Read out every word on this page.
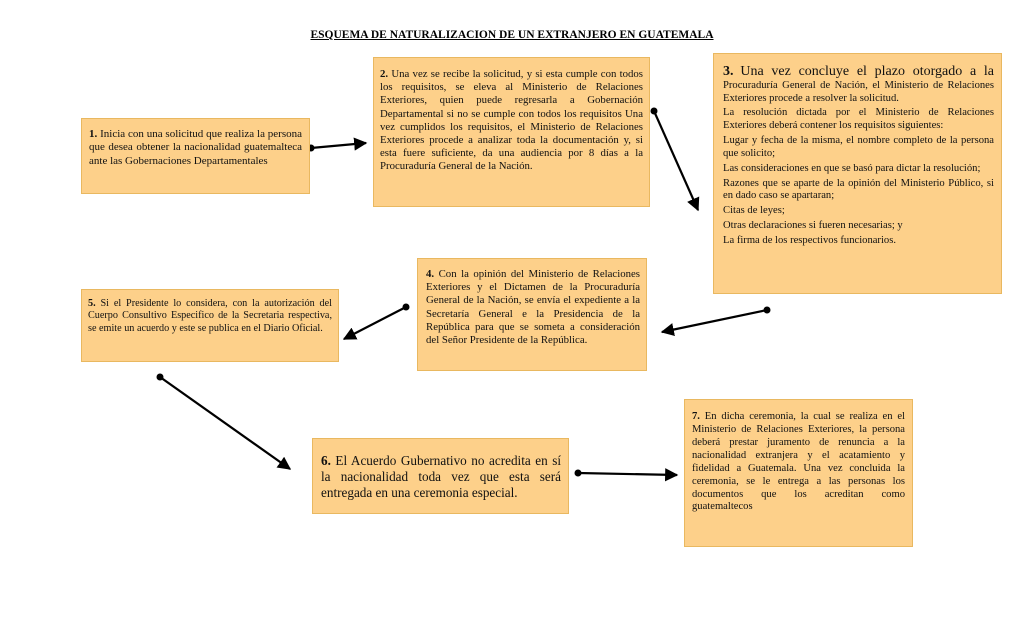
ESQUEMA DE NATURALIZACION DE UN EXTRANJERO EN GUATEMALA
1. Inicia con una solicitud que realiza la persona que desea obtener la nacionalidad guatemalteca ante las Gobernaciones Departamentales
2. Una vez se recibe la solicitud, y si esta cumple con todos los requisitos, se eleva al Ministerio de Relaciones Exteriores, quien puede regresarla a Gobernación Departamental si no se cumple con todos los requisitos Una vez cumplidos los requisitos, el Ministerio de Relaciones Exteriores procede a analizar toda la documentación y, si esta fuere suficiente, da una audiencia por 8 días a la Procuraduría General de la Nación.
3. Una vez concluye el plazo otorgado a la Procuraduría General de Nación, el Ministerio de Relaciones Exteriores procede a resolver la solicitud.
La resolución dictada por el Ministerio de Relaciones Exteriores deberá contener los requisitos siguientes:
Lugar y fecha de la misma, el nombre completo de la persona que solicito;
Las consideraciones en que se basó para dictar la resolución;
Razones que se aparte de la opinión del Ministerio Público, si en dado caso se apartaran;
Citas de leyes;
Otras declaraciones si fueren necesarias; y
La firma de los respectivos funcionarios.
4. Con la opinión del Ministerio de Relaciones Exteriores y el Dictamen de la Procuraduría General de la Nación, se envía el expediente a la Secretaría General e la Presidencia de la República para que se someta a consideración del Señor Presidente de la República.
5. Si el Presidente lo considera, con la autorización del Cuerpo Consultivo Especifico de la Secretaria respectiva, se emite un acuerdo y este se publica en el Diario Oficial.
6. El Acuerdo Gubernativo no acredita en sí la nacionalidad toda vez que esta será entregada en una ceremonia especial.
7. En dicha ceremonia, la cual se realiza en el Ministerio de Relaciones Exteriores, la persona deberá prestar juramento de renuncia a la nacionalidad extranjera y el acatamiento y fidelidad a Guatemala. Una vez concluida la ceremonia, se le entrega a las personas los documentos que los acreditan como guatemaltecos
